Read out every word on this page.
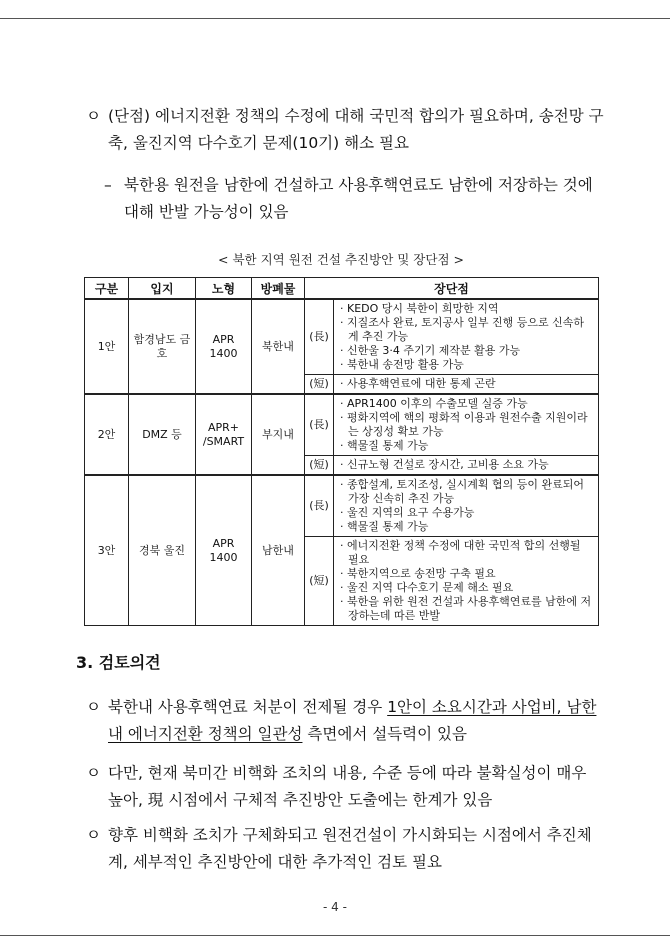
ㅇ (단점) 에너지전환 정책의 수정에 대해 국민적 합의가 필요하며, 송전망 구축, 울진지역 다수호기 문제(10기) 해소 필요
– 북한용 원전을 남한에 건설하고 사용후핵연료도 남한에 저장하는 것에 대해 반발 가능성이 있음
< 북한 지역 원전 건설 추진방안 및 장단점 >
구분	입지	노형	방폐물	장단점	
1안	함경남도 금호	APR 1400	북한내	(長)	· KEDO 당시 북한이 희망한 지역
· 지질조사 완료, 토지공사 일부 진행 등으로 신속하게 추진 가능
· 신한울 3·4 주기기 제작분 활용 가능
· 북한내 송전망 활용 가능

				(短)	· 사용후핵연료에 대한 통제 곤란

2안	DMZ 등	APR+ /SMART	부지내	(長)	· APR1400 이후의 수출모델 실증 가능
· 평화지역에 핵의 평화적 이용과 원전수출 지원이라는 상징성 확보 가능
· 핵물질 통제 가능

				(短)	· 신규노형 건설로 장시간, 고비용 소요 가능

3안	경북 울진	APR 1400	남한내	(長)	· 종합설계, 토지조성, 실시계획 협의 등이 완료되어 가장 신속히 추진 가능
· 울진 지역의 요구 수용가능
· 핵물질 통제 가능

				(短)	· 에너지전환 정책 수정에 대한 국민적 합의 선행될 필요
· 북한지역으로 송전망 구축 필요
· 울진 지역 다수호기 문제 해소 필요
· 북한을 위한 원전 건설과 사용후핵연료를 남한에 저장하는데 따른 반발
3. 검토의견
ㅇ 북한내 사용후핵연료 처분이 전제될 경우 1안이 소요시간과 사업비, 남한내 에너지전환 정책의 일관성 측면에서 설득력이 있음
ㅇ 다만, 현재 북미간 비핵화 조치의 내용, 수준 등에 따라 불확실성이 매우 높아, 現 시점에서 구체적 추진방안 도출에는 한계가 있음
ㅇ 향후 비핵화 조치가 구체화되고 원전건설이 가시화되는 시점에서 추진체계, 세부적인 추진방안에 대한 추가적인 검토 필요
- 4 -
